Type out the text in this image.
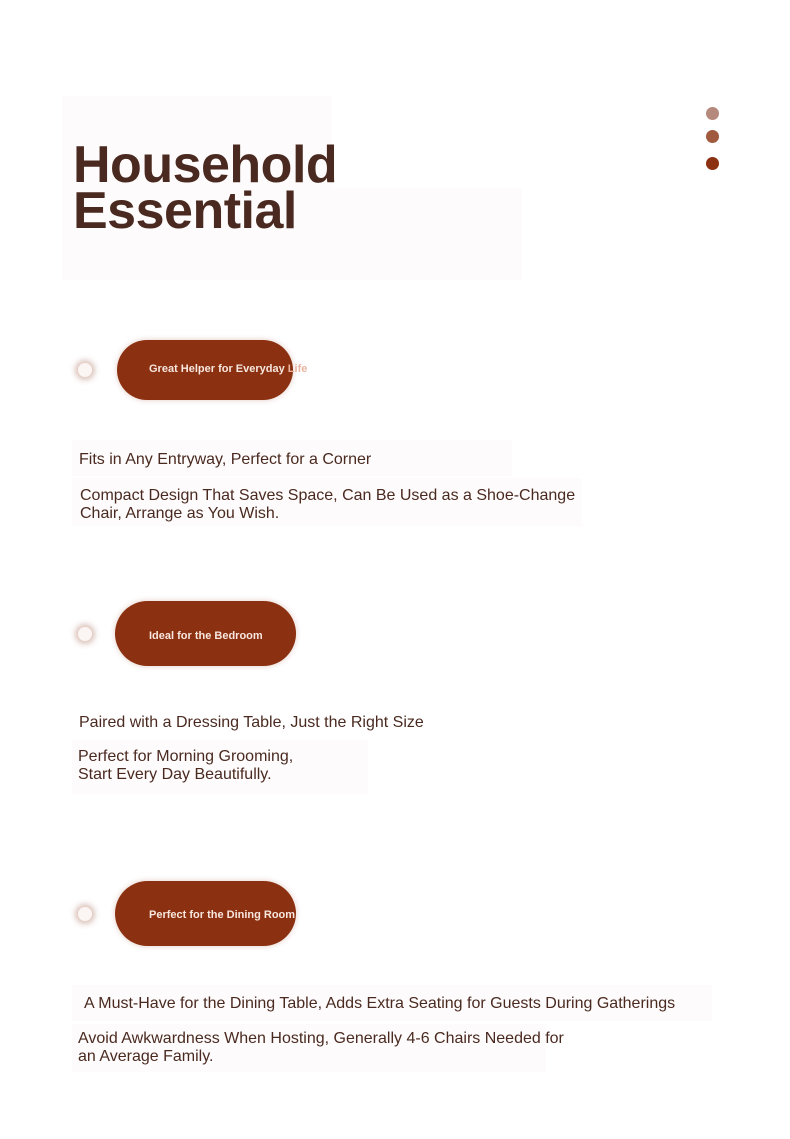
Household
Essential
Great Helper for Everyday Life
Fits in Any Entryway, Perfect for a Corner
Compact Design That Saves Space, Can Be Used as a Shoe-Change
Chair, Arrange as You Wish.
Ideal for the Bedroom
Paired with a Dressing Table, Just the Right Size
Perfect for Morning Grooming,
Start Every Day Beautifully.
Perfect for the Dining Room
A Must-Have for the Dining Table, Adds Extra Seating for Guests During Gatherings
Avoid Awkwardness When Hosting, Generally 4-6 Chairs Needed for
an Average Family.
